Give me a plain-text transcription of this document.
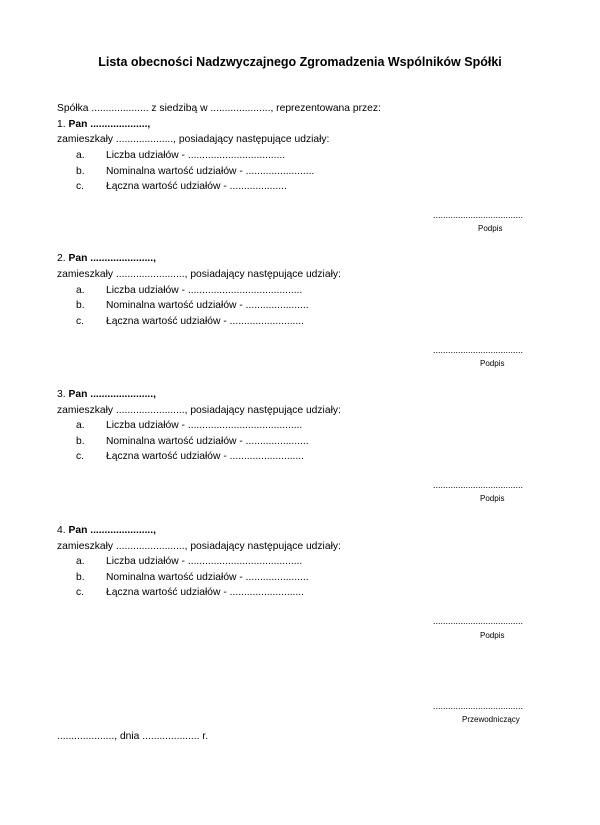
Lista obecności Nadzwyczajnego Zgromadzenia Wspólników Spółki
Spółka .................... z siedzibą w ....................., reprezentowana przez:
1. Pan ....................,
zamieszkały ...................., posiadający następujące udziały:
a. Liczba udziałów - ..................................
b. Nominalna wartość udziałów - ........................
c. Łączna wartość udziałów - ....................
....................................
Podpis
2. Pan ......................,
zamieszkały ........................, posiadający następujące udziały:
a. Liczba udziałów - ........................................
b. Nominalna wartość udziałów - ......................
c. Łączna wartość udziałów - ..........................
....................................
Podpis
3. Pan ......................,
zamieszkały ........................, posiadający następujące udziały:
a. Liczba udziałów - ........................................
b. Nominalna wartość udziałów - ......................
c. Łączna wartość udziałów - ..........................
....................................
Podpis
4. Pan ......................,
zamieszkały ........................, posiadający następujące udziały:
a. Liczba udziałów - ........................................
b. Nominalna wartość udziałów - ......................
c. Łączna wartość udziałów - ..........................
....................................
Podpis
....................................
Przewodniczący
...................., dnia .................... r.
